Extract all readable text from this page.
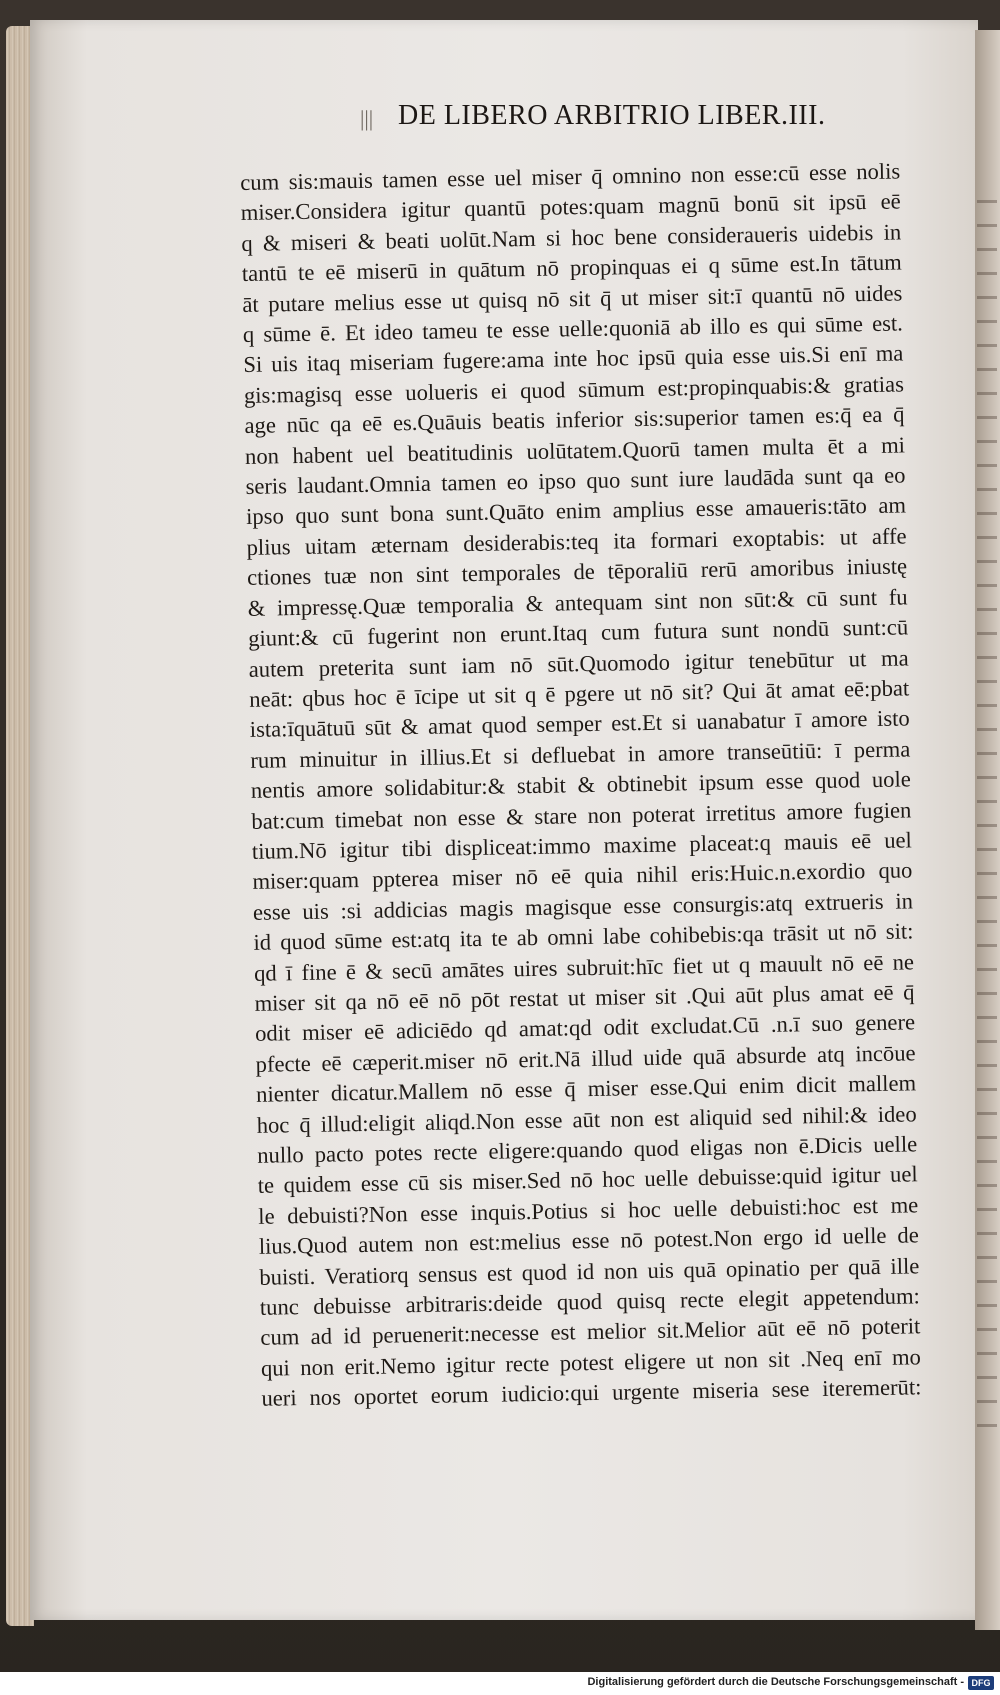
||| DE LIBERO ARBITRIO LIBER.III.
cum sis:mauis tamen esse uel miser q̄ omnino non esse:cū esse nolis
miser.Considera igitur quantū potes:quam magnū bonū sit ipsū eē
q & miseri & beati uolūt.Nam si hoc bene consideraueris uidebis in
tantū te eē miserū in quātum nō propinquas ei q sūme est.In tātum
āt putare melius esse ut quisq nō sit q̄ ut miser sit:ī quantū nō uides
q sūme ē. Et ideo tameu te esse uelle:quoniā ab illo es qui sūme est.
Si uis itaq miseriam fugere:ama inte hoc ipsū quia esse uis.Si enī ma
gis:magisq esse uolueris ei quod sūmum est:propinquabis:& gratias
age nūc qa eē es.Quāuis beatis inferior sis:superior tamen es:q̄ ea q̄
non habent uel beatitudinis uolūtatem.Quorū tamen multa ēt a mi
seris laudant.Omnia tamen eo ipso quo sunt iure laudāda sunt qa eo
ipso quo sunt bona sunt.Quāto enim amplius esse amaueris:tāto am
plius uitam æternam desiderabis:teq ita formari exoptabis: ut affe
ctiones tuæ non sint temporales de tēporaliū rerū amoribus iniustę
& impressę.Quæ temporalia & antequam sint non sūt:& cū sunt fu
giunt:& cū fugerint non erunt.Itaq cum futura sunt nondū sunt:cū
autem preterita sunt iam nō sūt.Quomodo igitur tenebūtur ut ma
neāt: qbus hoc ē īcipe ut sit q ē pgere ut nō sit? Qui āt amat eē:pbat
ista:īquātuū sūt & amat quod semper est.Et si uanabatur ī amore isto
rum minuitur in illius.Et si defluebat in amore transeūtiū: ī perma
nentis amore solidabitur:& stabit & obtinebit ipsum esse quod uole
bat:cum timebat non esse & stare non poterat irretitus amore fugien
tium.Nō igitur tibi displiceat:immo maxime placeat:q mauis eē uel
miser:quam ppterea miser nō eē quia nihil eris:Huic.n.exordio quo
esse uis :si addicias magis magisque esse consurgis:atq extrueris in
id quod sūme est:atq ita te ab omni labe cohibebis:qa trāsit ut nō sit:
qd ī fine ē & secū amātes uires subruit:hīc fiet ut q mauult nō eē ne
miser sit qa nō eē nō pōt restat ut miser sit .Qui aūt plus amat eē q̄
odit miser eē adiciēdo qd amat:qd odit excludat.Cū .n.ī suo genere
pfecte eē cæperit.miser nō erit.Nā illud uide quā absurde atq incōue
nienter dicatur.Mallem nō esse q̄ miser esse.Qui enim dicit mallem
hoc q̄ illud:eligit aliqd.Non esse aūt non est aliquid sed nihil:& ideo
nullo pacto potes recte eligere:quando quod eligas non ē.Dicis uelle
te quidem esse cū sis miser.Sed nō hoc uelle debuisse:quid igitur uel
le debuisti?Non esse inquis.Potius si hoc uelle debuisti:hoc est me
lius.Quod autem non est:melius esse nō potest.Non ergo id uelle de
buisti. Veratiorq sensus est quod id non uis quā opinatio per quā ille
tunc debuisse arbitraris:deide quod quisq recte elegit appetendum:
cum ad id peruenerit:necesse est melior sit.Melior aūt eē nō poterit
qui non erit.Nemo igitur recte potest eligere ut non sit .Neq enī mo
ueri nos oportet eorum iudicio:qui urgente miseria sese iteremerūt:
Digitalisierung gefördert durch die Deutsche Forschungsgemeinschaft - DFG
